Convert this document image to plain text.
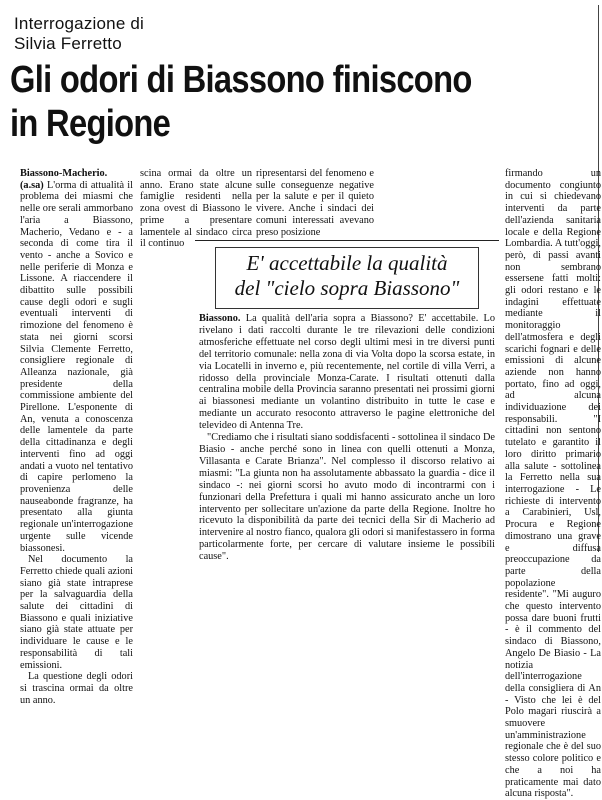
Interrogazione di
Silvia Ferretto
Gli odori di Biassono finiscono
in Regione

Biassono-Macherio. (a.sa) L'orma di attualità il problema dei miasmi che nelle ore serali ammorbano l'aria a Biassono, Macherio, Vedano e - a seconda di come tira il vento - anche a Sovico e nelle periferie di Monza e Lissone. A riaccendere il dibattito sulle possibili cause degli odori e sugli eventuali interventi di rimozione del fenomeno è stata nei giorni scorsi Silvia Clemente Ferretto, consigliere regionale di Alleanza nazionale, già presidente della commissione ambiente del Pirellone. L'esponente di An, venuta a conoscenza delle lamentele da parte della cittadinanza e degli interventi fino ad oggi andati a vuoto nel tentativo di capire perlomeno la provenienza delle nauseabonde fragranze, ha presentato alla giunta regionale un'interrogazione urgente sulle vicende biassonesi.

Nel documento la Ferretto chiede quali azioni siano già state intraprese per la salvaguardia della salute dei cittadini di Biassono e quali iniziative siano già state attuate per individuare le cause e le responsabilità di tali emissioni.

La questione degli odori si trascina ormai da oltre un anno.

scina ormai da oltre un anno. Erano state alcune famiglie residenti nella zona ovest di Biassono le prime a presentare lamentele al sindaco circa il continuo

ripresentarsi del fenomeno e sulle conseguenze negative per la salute e per il quieto vivere. Anche i sindaci dei comuni interessati avevano preso posizione

firmando un documento congiunto in cui si chiedevano interventi da parte dell'azienda sanitaria locale e della Regione Lombardia. A tutt'oggi, però, di passi avanti non sembrano essersene fatti molti: gli odori restano e le indagini effettuate mediante il monitoraggio dell'atmosfera e degli scarichi fognari e delle emissioni di alcune aziende non hanno portato, fino ad oggi, ad alcuna individuazione dei responsabili. "I cittadini non sentono tutelato e garantito il loro diritto primario alla salute - sottolinea la Ferretto nella sua interrogazione - Le richieste di intervento a Carabinieri, Usl, Procura e Regione dimostrano una grave e diffusa preoccupazione da parte della popolazione residente". "Mi auguro che questo intervento possa dare buoni frutti - è il commento del sindaco di Biassono, Angelo De Biasio - La notizia dell'interrogazione della consigliera di An - Visto che lei è del Polo magari riuscirà a smuovere un'amministrazione regionale che è del suo stesso colore politico e che a noi ha praticamente mai dato alcuna risposta".

E' accettabile la qualità
del "cielo sopra Biassono"

Biassono. La qualità dell'aria sopra a Biassono? E' accettabile. Lo rivelano i dati raccolti durante le tre rilevazioni delle condizioni atmosferiche effettuate nel corso degli ultimi mesi in tre diversi punti del territorio comunale: nella zona di via Volta dopo la scorsa estate, in via Locatelli in inverno e, più recentemente, nel cortile di villa Verri, a ridosso della provinciale Monza-Carate. I risultati ottenuti dalla centralina mobile della Provincia saranno presentati nei prossimi giorni ai biassonesi mediante un volantino distribuito in tutte le case e mediante un accurato resoconto attraverso le pagine elettroniche del televideo di Antenna Tre.

"Crediamo che i risultati siano soddisfacenti - sottolinea il sindaco De Biasio - anche perché sono in linea con quelli ottenuti a Monza, Villasanta e Carate Brianza". Nel complesso il discorso relativo ai miasmi: "La giunta non ha assolutamente abbassato la guardia - dice il sindaco -: nei giorni scorsi ho avuto modo di incontrarmi con i funzionari della Prefettura i quali mi hanno assicurato anche un loro intervento per sollecitare un'azione da parte della Regione. Inoltre ho ricevuto la disponibilità da parte dei tecnici della Sir di Macherio ad intervenire al nostro fianco, qualora gli odori si manifestassero in forma particolarmente forte, per cercare di valutare insieme le possibili cause".
